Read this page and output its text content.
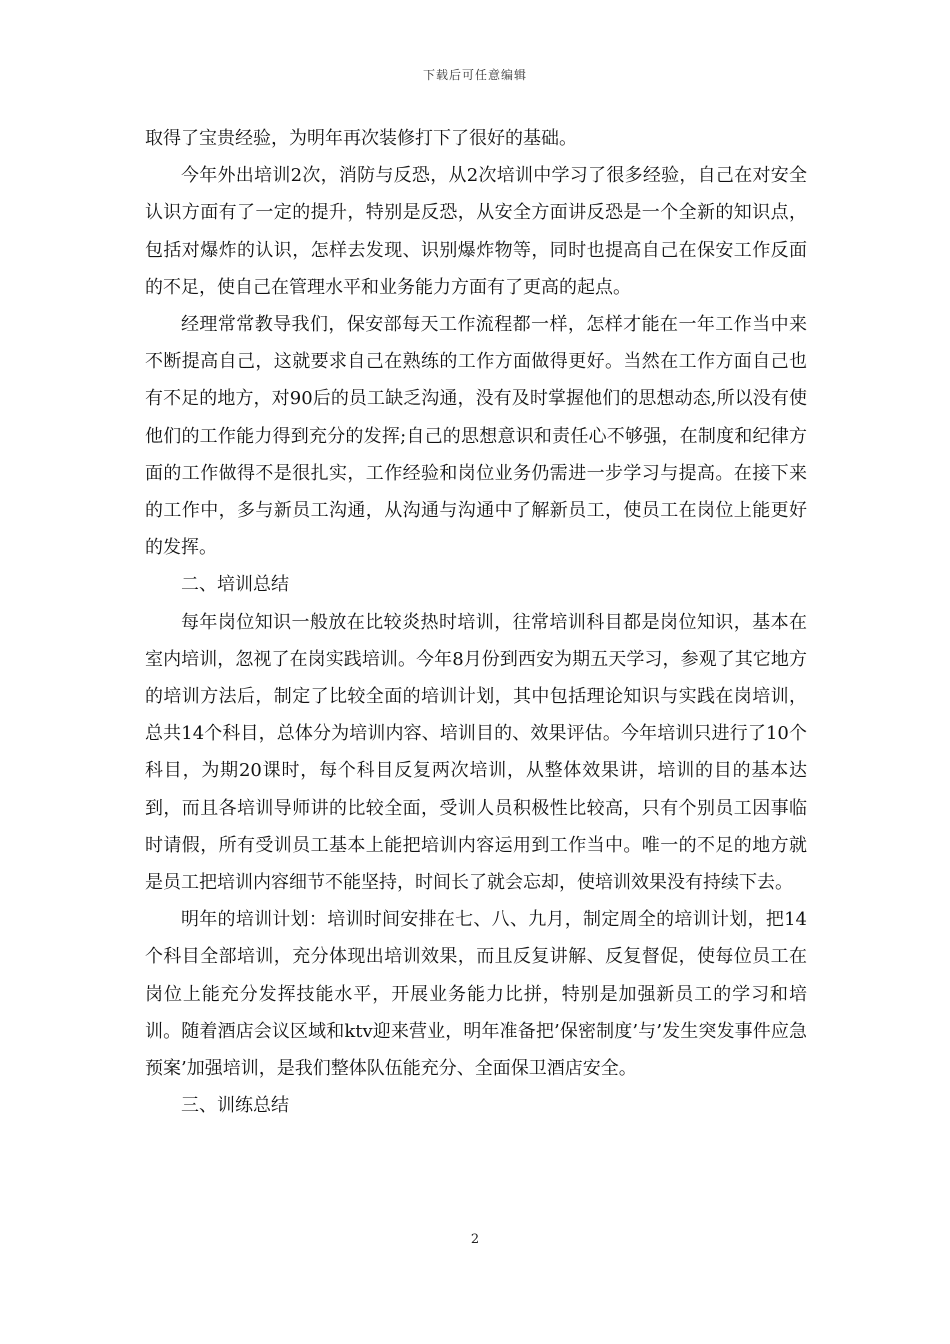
下载后可任意编辑

取得了宝贵经验，为明年再次装修打下了很好的基础。

今年外出培训2次，消防与反恐，从2次培训中学习了很多经验，自己在对安全认识方面有了一定的提升，特别是反恐，从安全方面讲反恐是一个全新的知识点，包括对爆炸的认识，怎样去发现、识别爆炸物等，同时也提高自己在保安工作反面的不足，使自己在管理水平和业务能力方面有了更高的起点。

经理常常教导我们，保安部每天工作流程都一样，怎样才能在一年工作当中来不断提高自己，这就要求自己在熟练的工作方面做得更好。当然在工作方面自己也有不足的地方，对90后的员工缺乏沟通，没有及时掌握他们的思想动态,所以没有使他们的工作能力得到充分的发挥;自己的思想意识和责任心不够强，在制度和纪律方面的工作做得不是很扎实，工作经验和岗位业务仍需进一步学习与提高。在接下来的工作中，多与新员工沟通，从沟通与沟通中了解新员工，使员工在岗位上能更好的发挥。

二、培训总结

每年岗位知识一般放在比较炎热时培训，往常培训科目都是岗位知识，基本在室内培训，忽视了在岗实践培训。今年8月份到西安为期五天学习，参观了其它地方的培训方法后，制定了比较全面的培训计划，其中包括理论知识与实践在岗培训，总共14个科目，总体分为培训内容、培训目的、效果评估。今年培训只进行了10个科目，为期20课时，每个科目反复两次培训，从整体效果讲，培训的目的基本达到，而且各培训导师讲的比较全面，受训人员积极性比较高，只有个别员工因事临时请假，所有受训员工基本上能把培训内容运用到工作当中。唯一的不足的地方就是员工把培训内容细节不能坚持，时间长了就会忘却，使培训效果没有持续下去。

明年的培训计划：培训时间安排在七、八、九月，制定周全的培训计划，把14个科目全部培训，充分体现出培训效果，而且反复讲解、反复督促，使每位员工在岗位上能充分发挥技能水平，开展业务能力比拼，特别是加强新员工的学习和培训。随着酒店会议区域和ktv迎来营业，明年准备把’保密制度’与’发生突发事件应急预案’加强培训，是我们整体队伍能充分、全面保卫酒店安全。

三、训练总结

2
